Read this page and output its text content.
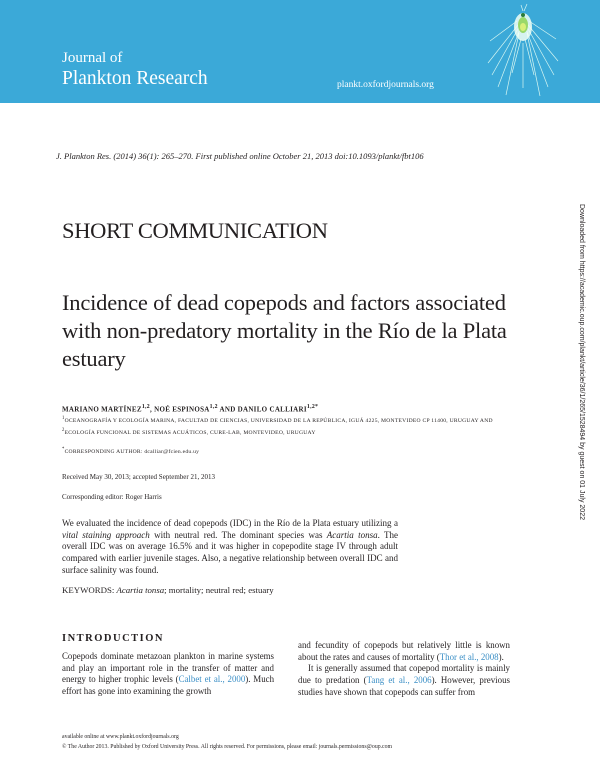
Journal of
Plankton Research	plankt.oxfordjournals.org
J. Plankton Res. (2014) 36(1): 265–270. First published online October 21, 2013 doi:10.1093/plankt/fbt106
SHORT COMMUNICATION
Incidence of dead copepods and factors associated with non-predatory mortality in the Río de la Plata estuary
MARIANO MARTÍNEZ$^{1,2}$, NOÉ ESPINOSA$^{1,2}$ AND DANILO $CALLIARI^{1,2*}$
$^1$OCEANOGRAFÍA Y ECOLOGÍA MARINA, FACULTAD DE CIENCIAS, UNIVERSIDAD DE LA REPÚBLICA, IGUÁ 4225, MONTEVIDEO CP 11400, URUGUAY AND $^2$ECOLOGÍA FUNCIONAL DE SISTEMAS ACUÁTICOS, CURE-LAB, MONTEVIDEO, URUGUAY
*CORRESPONDING AUTHOR: dcalliar@fcien.edu.uy
Received May 30, 2013; accepted September 21, 2013
Corresponding editor: Roger Harris
We evaluated the incidence of dead copepods (IDC) in the Río de la Plata estuary utilizing a vital staining approach with neutral red. The dominant species was Acartia tonsa. The overall IDC was on average 16.5% and it was higher in copepodite stage IV through adult compared with earlier juvenile stages. Also, a negative relationship between overall IDC and surface salinity was found.
KEYWORDS: Acartia tonsa; mortality; neutral red; estuary
INTRODUCTION

Copepods dominate metazoan plankton in marine systems and play an important role in the transfer of matter and energy to higher trophic levels (Calbet et al., 2000). Much effort has gone into examining the growth

and fecundity of copepods but relatively little is known about the rates and causes of mortality (Thor et al., 2008).

It is generally assumed that copepod mortality is mainly due to predation (Tang et al., 2006). However, previous studies have shown that copepods can suffer from

available online at www.plankt.oxfordjournals.org
© The Author 2013. Published by Oxford University Press. All rights reserved. For permissions, please email: journals.permissions@oup.com
Downloaded from https://academic.oup.com/plankt/article/36/1/265/1528494 by guest on 01 July 2022
